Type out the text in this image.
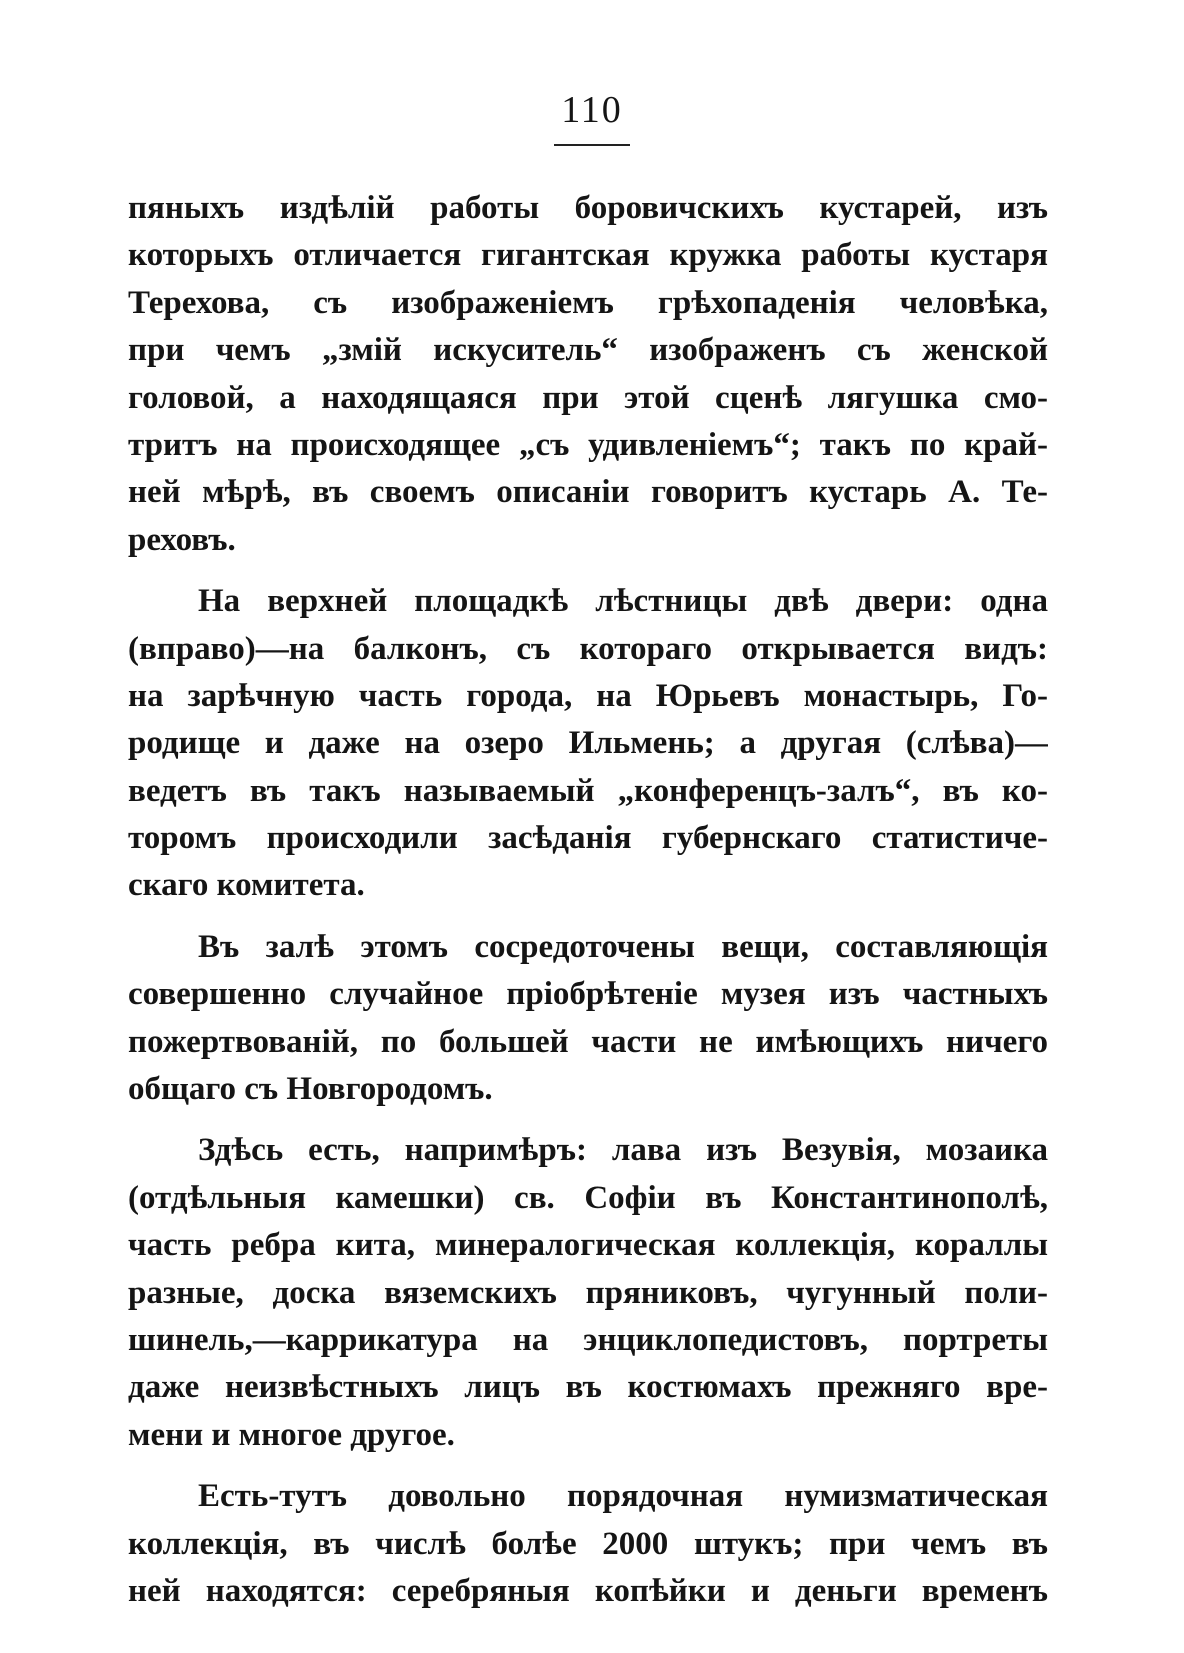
110
пяныхъ издѣлій работы боровичскихъ кустарей, изъ
которыхъ отличается гигантская кружка работы кустаря
Терехова, съ изображеніемъ грѣхопаденія человѣка,
при чемъ „змій искуситель“ изображенъ съ женской
головой, а находящаяся при этой сценѣ лягушка смо-
тритъ на происходящее „съ удивленіемъ“; такъ по край-
ней мѣрѣ, въ своемъ описаніи говоритъ кустарь А. Те-
реховъ.
На верхней площадкѣ лѣстницы двѣ двери: одна
(вправо)—на балконъ, съ котораго открывается видъ:
на зарѣчную часть города, на Юрьевъ монастырь, Го-
родище и даже на озеро Ильмень; а другая (слѣва)—
ведетъ въ такъ называемый „конференцъ-залъ“, въ ко-
торомъ происходили засѣданія губернскаго статистиче-
скаго комитета.
Въ залѣ этомъ сосредоточены вещи, составляющія
совершенно случайное пріобрѣтеніе музея изъ частныхъ
пожертвованій, по большей части не имѣющихъ ничего
общаго съ Новгородомъ.
Здѣсь есть, напримѣръ: лава изъ Везувія, мозаика
(отдѣльныя камешки) св. Софіи въ Константинополѣ,
часть ребра кита, минералогическая коллекція, кораллы
разные, доска вяземскихъ пряниковъ, чугунный поли-
шинель,—каррикатура на энциклопедистовъ, портреты
даже неизвѣстныхъ лицъ въ костюмахъ прежняго вре-
мени и многое другое.
Есть-тутъ довольно порядочная нумизматическая
коллекція, въ числѣ болѣе 2000 штукъ; при чемъ въ
ней находятся: серебряныя копѣйки и деньги временъ
